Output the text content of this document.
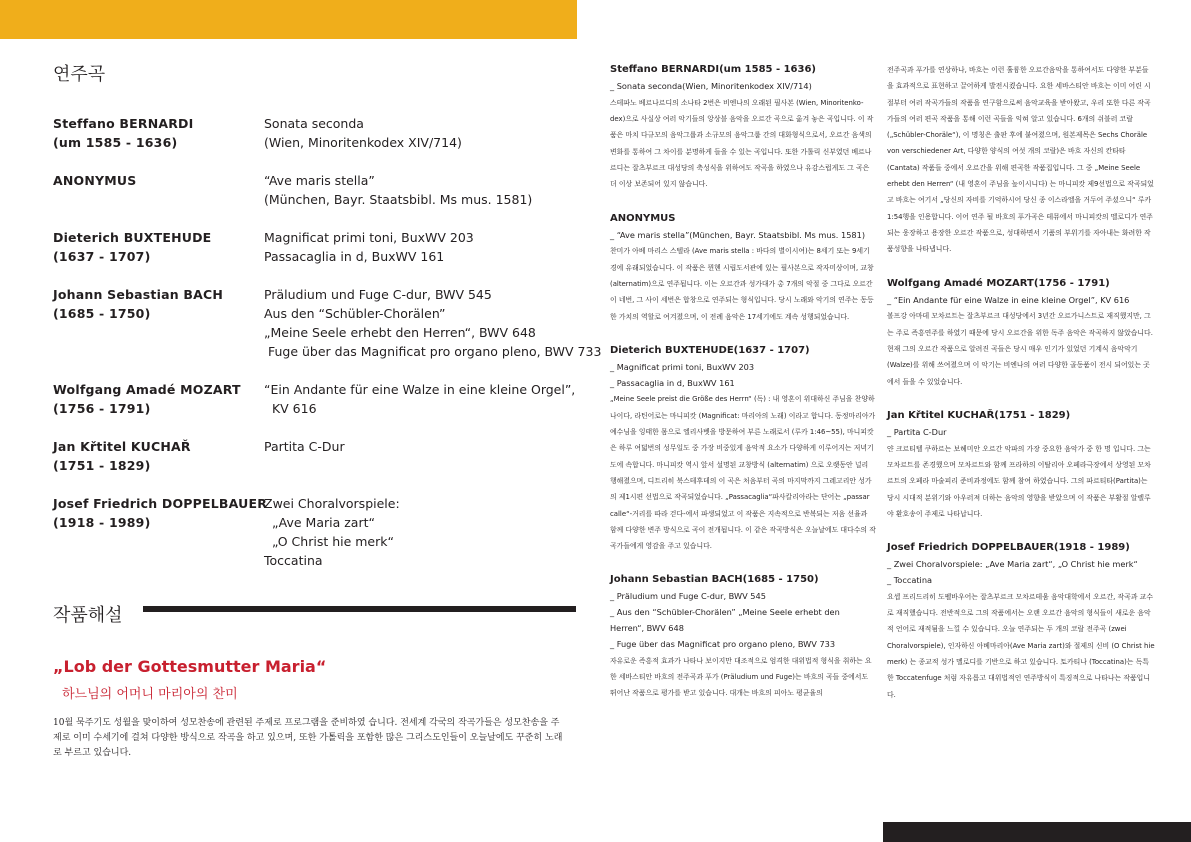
연주곡
Steffano BERNARDI
(um 1585 - 1636)
Sonata seconda
(Wien, Minoritenkodex XIV/714)
ANONYMUS	“Ave maris stella”
(München, Bayr. Staatsbibl. Ms mus. 1581)
Dieterich BUXTEHUDE
(1637 - 1707)
Magnificat primi toni, BuxWV 203
Passacaglia in d, BuxWV 161
Johann Sebastian BACH
(1685 - 1750)
Präludium und Fuge C-dur, BWV 545
Aus den “Schübler-Chorälen”
„Meine Seele erhebt den Herren“, BWV 648
Fuge über das Magnificat pro organo pleno, BWV 733
Wolfgang Amadé MOZART
(1756 - 1791)
“Ein Andante für eine Walze in eine kleine Orgel”,
KV 616
Jan Křtitel KUCHAŘ
(1751 - 1829)
Partita C-Dur
Josef Friedrich DOPPELBAUER
(1918 - 1989)
Zwei Choralvorspiele:
„Ave Maria zart“
„O Christ hie merk“
Toccatina
작품해설
„Lob der Gottesmutter Maria“
하느님의 어머니 마리아의 찬미
10월 묵주기도 성월을 맞이하여 성모찬송에 관련된 주제로 프로그램을 준비하였 습니다. 전세계 각국의 작곡가들은 성모찬송을 주제로 이미 수세기에 걸쳐 다양한 방식으로 작곡을 하고 있으며, 또한 가톨릭을 포함한 많은 그리스도인들이 오늘날에도 꾸준히 노래로 부르고 있습니다.
Steffano BERNARDI(um 1585 - 1636)
_ Sonata seconda(Wien, Minoritenkodex XIV/714)
스테파노 베르나르디의 소나타 2번은 비엔나의 오래된 필사본 (Wien, Minoritenko-dex)으로 사실상 여러 악기들의 앙상블 음악을 오르간 곡으로 옮겨 놓은 곡입니다. 이 작품은 마치 다규모의 음악그룹과 소규모의 음악그룹 간의 대화형식으로서, 오르간 음색의 변화를 통하여 그 차이를 분명하게 들을 수 있는 곡입니다. 또한 가톨릭 신부였던 베르나르디는 잘츠부르크 대성당의 축성식을 위하여도 작곡을 하였으나 유감스럽게도 그 곡은 더 이상 보존되어 있지 않습니다.
ANONYMUS
_ “Ave maris stella”(München, Bayr. Staatsbibl. Ms mus. 1581)
찬미가 아베 마리스 스텔라 (Ave maris stella : 바다의 별이시여)는 8세기 또는 9세기 경에 유래되었습니다. 이 작품은 뮌헨 시립도서관에 있는 필사본으로 작자미상이며, 교창(alternatim)으로 연주됩니다. 이는 오르간과 성가대가 총 7개의 악절 중 그다로 오르간이 네번, 그 사이 세번은 합창으로 연주되는 형식입니다. 당시 노래와 악기의 연주는 동등한 가치의 역할로 여겨졌으며, 이 전례 음악은 17세기에도 계속 성행되었습니다.
Dieterich BUXTEHUDE(1637 - 1707)
_ Magnificat primi toni, BuxWV 203
_ Passacaglia in d, BuxWV 161
„Meine Seele preist die Größe des Herrn“ (독) : 내 영혼이 위대하신 주님을 찬양하나이다, 라틴어로는 마니피캇 (Magnificat: 마리아의 노래) 이라고 합니다. 동정마리아가 예수님을 잉태한 몸으로 엘리사벳을 방문하여 부른 노래로서 (루카 1:46~55), 마니피캇은 하루 여덟번의 성무일도 중 가장 비중있게 음악적 요소가 다양하게 이루어지는 저녁기도에 속합니다. 마니피캇 역시 앞서 설명된 교창방식 (alternatim) 으로 오랫동안 널리 행해졌으며, 디트리히 북스테후데의 이 곡은 처음부터 곡의 마지막까지 그레고리안 성가의 제1시편 선법으로 작곡되었습니다. „Passacaglia“파사칼리아라는 단어는 „passar calle“-거리를 따라 걷다-에서 파생되었고 이 작품은 지속적으로 반복되는 저음 선율과 함께 다양한 변주 방식으로 곡이 전개됩니다. 이 같은 작곡방식은 오늘날에도 대다수의 작곡가들에게 영감을 주고 있습니다.
Johann Sebastian BACH(1685 - 1750)
_ Präludium und Fuge C-dur, BWV 545
_ Aus den “Schübler-Chorälen” „Meine Seele erhebt den Herren“, BWV 648
_ Fuge über das Magnificat pro organo pleno, BWV 733
자유로운 즉흥적 효과가 나타나 보이지만 대조적으로 엄격한 대위법적 형식을 취하는 요한 세바스티안 바흐의 전주곡과 푸가 (Präludium und Fuge)는 바흐의 곡들 중에서도 뛰어난 작품으로 평가를 받고 있습니다. 대개는 바흐의 피아노 평균율의
전주곡과 푸가를 연상하나, 바흐는 이런 훌륭한 오르간음악을 통하여서도 다양한 부분들을 효과적으로 표현하고 끌어하게 발전시켰습니다. 요한 세바스티안 바흐는 이미 어린 시절부터 여러 작곡가들의 작품을 연구함으로써 음악교육을 받아왔고, 우리 또한 다른 작곡가들의 여러 편곡 작품을 통해 이런 곡들을 익혀 알고 있습니다. 6개의 쉬블러 코랄(„Schübler-Choräle“), 이 명칭은 출판 후에 붙여졌으며, 원본제목은 Sechs Choräle von verschiedener Art, 다양한 양식의 여섯 개의 코랄)은 바흐 자신의 칸타타(Cantata) 작품들 중에서 오르간을 위해 편곡한 작품집입니다. 그 중 „Meine Seele erhebt den Herren“ (내 영혼이 주님을 높이시니다) 는 마니피캇 제9선법으로 작곡되었고 바흐는 여기서 „당신의 자비를 기억하시어 당신 종 이스라엘을 거두어 주셨으니“ 루카1:54행을 인용합니다. 이어 연주 될 바흐의 푸가곡은 테뮤에서 마니피캇의 멜로디가 연주되는 웅장하고 용장한 오르간 작품으로, 성대하면서 기품의 부위기를 자아내는 화려한 작품성향을 나타냅니다.
Wolfgang Amadé MOZART(1756 - 1791)
_ “Ein Andante für eine Walze in eine kleine Orgel”, KV 616
볼프강 아마데 모차르트는 잘츠부르크 대성당에서 3년간 오르가니스트로 재직했지만, 그는 주로 즉흥연주를 하였기 때문에 당시 오르간을 위한 독주 음악은 작곡하지 않았습니다. 현재 그의 오르간 작품으로 알려진 곡들은 당시 매우 인기가 있었던 기계식 음악악기 (Walze)를 위해 쓰여졌으며 이 악기는 비엔나의 여러 다양한 골동품이 전시 되어있는 곳에서 들을 수 있었습니다.
Jan Křtitel KUCHAŘ(1751 - 1829)
_ Partita C-Dur
얀 크르티텔 쿠하르는 보헤미안 오르간 악파의 가장 중요한 음악가 중 한 명 입니다. 그는 모차르트를 존경했으며 모차르트와 함께 프라하의 이탈리아 오페라극장에서 상영된 모차르트의 오페라 마술피리 준비과정에도 함께 참여 하였습니다. 그의 파르티타(Partita)는 당시 시대적 분위기와 아우러져 더하는 음악의 영향을 받았으며 이 작품은 부활절 알렐루야 환호송이 주제로 나타납니다.
Josef Friedrich DOPPELBAUER(1918 - 1989)
_ Zwei Choralvorspiele: „Ave Maria zart“, „O Christ hie merk“
_ Toccatina
요셉 프리드리히 도펠바우어는 잘츠부르크 모차르테움 음악대학에서 오르간, 작곡과 교수로 재직했습니다. 전반적으로 그의 작품에서는 오랜 오르간 음악의 형식들이 새로운 음악적 언어로 재적됨을 느낄 수 있습니다. 오늘 연주되는 두 개의 코랄 전주곡 (zwei Choralvorspiele), 인자하신 아베마리아(Ave Maria zart)와 절제의 신비 (O Christ hie merk) 는 종교적 성가 멜로디를 기반으로 하고 있습니다. 토카티나 (Toccatina)는 독특한 Toccatenfuge 처럼 자유롭고 대위법적인 연주방식이 특징적으로 나타나는 작품입니다.
